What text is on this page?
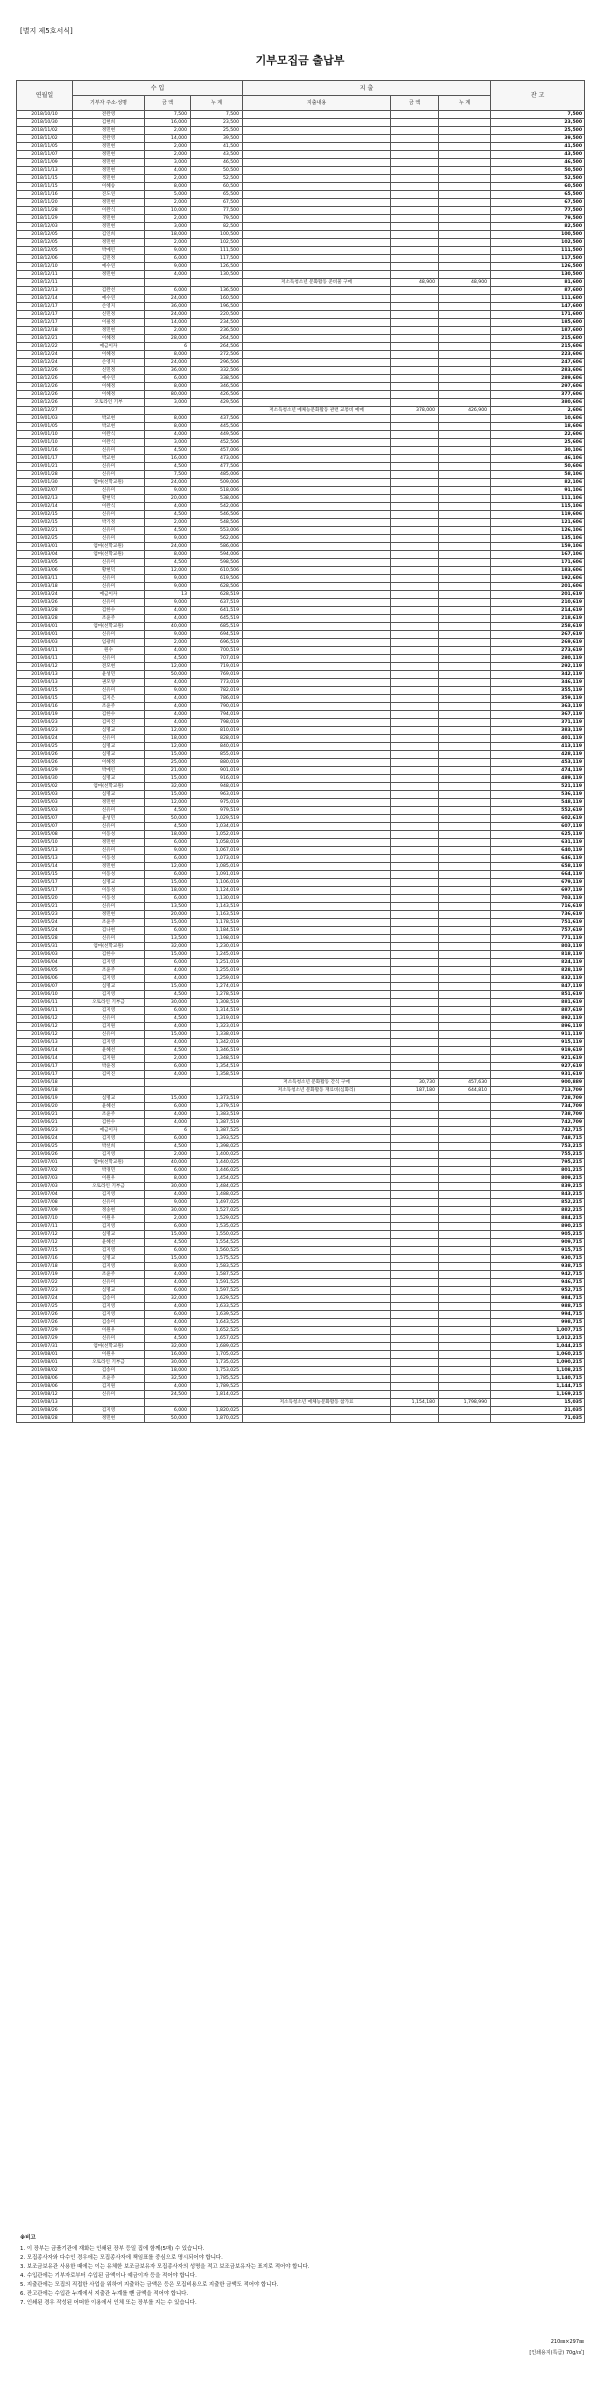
[별지 제5호서식]
기부모집금 출납부
연월일	수 입			지 출			잔 고
	기부자 주소·성명	금 액	누 계	지출내용	금 액	누 계	
2018/10/10	전완영	7,500	7,500				7,500
2018/10/30	김현희	16,000	23,500				23,500
2018/11/02	정민현	2,000	25,500				25,500
2018/11/02	전완영	14,000	39,500				39,500
2018/11/05	정민현	2,000	41,500				41,500
2018/11/07	정민현	2,000	43,500				43,500
2018/11/09	정민현	3,000	46,500				46,500
2018/11/13	정민현	4,000	50,500				50,500
2018/11/15	정민현	2,000	52,500				52,500
2018/11/15	이혜승	8,000	60,500				60,500
2018/11/16	진도연	5,000	65,500				65,500
2018/11/20	정민현	2,000	67,500				67,500
2018/11/28	이완식	10,000	77,500				77,500
2018/11/29	정민현	2,000	79,500				79,500
2018/12/03	정민현	3,000	82,500				82,500
2018/12/05	김인희	18,000	100,500				100,500
2018/12/05	정민현	2,000	102,500				102,500
2018/12/05	박예린	9,000	111,500				111,500
2018/12/06	김민정	6,000	117,500				117,500
2018/12/10	예수연	9,000	126,500				126,500
2018/12/11	정민현	4,000	130,500				130,500
2018/12/11				저소득청소년 문화활동 준비물 구매	48,900	48,900	81,600
2018/12/13	김완선	6,000	136,500				87,600
2018/12/14	예수연	24,000	160,500				111,600
2018/12/17	손영지	36,000	196,500				147,600
2018/12/17	신민정	24,000	220,500				171,600
2018/12/17	이필정	14,000	234,500				185,600
2018/12/18	정민현	2,000	236,500				187,600
2018/12/21	이혜정	28,000	264,500				215,600
2018/12/22	예금이자	6	264,506				215,606
2018/12/24	이혜정	8,000	272,506				223,606
2018/12/24	손영지	24,000	296,506				247,606
2018/12/26	신민정	36,000	332,506				283,606
2018/12/26	예수연	6,000	338,506				289,606
2018/12/26	이혜정	8,000	346,506				297,606
2018/12/26	이혜정	80,000	426,506				377,606
2018/12/26	오토라인 기부	3,000	429,506				380,606
2018/12/27				저소득청소년 예체능문화활동 관련 교통비 예매	378,000	426,900	2,606
2019/01/03	박교현	8,000	437,506				10,606
2019/01/05	박교현	8,000	445,506				18,606
2019/01/10	이완식	4,000	449,506				22,606
2019/01/10	이완식	3,000	452,506				25,606
2019/01/16	신유미	4,500	457,006				30,106
2019/01/17	박교현	16,000	473,006				46,106
2019/01/21	신유미	4,500	477,506				50,606
2019/01/28	신유미	7,500	485,006				58,106
2019/01/30	엄마(선학교원)	24,000	509,006				82,106
2019/02/07	신유미	9,000	518,006				91,106
2019/02/13	황현덕	20,000	538,006				111,106
2019/02/14	이완식	4,000	542,006				115,106
2019/02/15	신유미	4,500	546,506				119,606
2019/02/15	박기정	2,000	548,506				121,606
2019/02/21	신유미	4,500	553,006				126,106
2019/02/25	신유미	9,000	562,006				135,106
2019/03/01	엄마(선학교원)	24,000	586,006				159,106
2019/03/04	엄마(선학교원)	8,000	594,006				167,106
2019/03/05	신유미	4,500	598,506				171,606
2019/03/06	황현덕	12,000	610,506				183,606
2019/03/11	신유미	9,000	619,506				192,606
2019/03/18	신유미	9,000	628,506				201,606
2019/03/24	예금이자	13	628,519				201,619
2019/03/26	신유미	9,000	637,519				210,619
2019/03/28	김한수	4,000	641,519				214,619
2019/03/28	조윤주	4,000	645,519				218,619
2019/04/01	엄마(선학교원)	40,000	685,519				258,619
2019/04/01	신유미	9,000	694,519				267,619
2019/04/03	임광희	2,000	696,519				269,619
2019/04/11	원수	4,000	700,519				273,619
2019/04/11	신유미	4,500	707,019				280,119
2019/04/12	전모현	12,000	719,019				292,119
2019/04/13	윤성민	50,000	769,019				342,119
2019/04/13	권모양	4,000	773,019				346,119
2019/04/15	신유미	9,000	782,019				355,119
2019/04/15	김지은	4,000	786,019				359,119
2019/04/16	조윤주	4,000	790,019				363,119
2019/04/19	김한수	4,000	794,019				367,119
2019/04/23	김미진	4,000	798,019				371,119
2019/04/23	심명교	12,000	810,019				383,119
2019/04/24	신유미	18,000	828,019				401,119
2019/04/25	심명교	12,000	840,019				413,119
2019/04/26	심명교	15,000	855,019				428,119
2019/04/26	이혜정	25,000	880,019				453,119
2019/04/29	박예린	21,000	901,019				474,119
2019/04/30	심명교	15,000	916,019				489,119
2019/05/02	엄마(선학교원)	32,000	948,019				521,119
2019/05/03	심명교	15,000	963,019				536,119
2019/05/03	정민현	12,000	975,019				548,119
2019/05/03	신유미	4,500	979,519				552,619
2019/05/07	윤성민	50,000	1,029,519				602,619
2019/05/07	신유미	4,500	1,034,019				607,119
2019/05/08	이동성	18,000	1,052,019				625,119
2019/05/10	정민현	6,000	1,058,019				631,119
2019/05/13	신유미	9,000	1,067,019				640,119
2019/05/13	이동성	6,000	1,073,019				646,119
2019/05/14	정민현	12,000	1,085,019				658,119
2019/05/15	이동성	6,000	1,091,019				664,119
2019/05/17	심명교	15,000	1,106,019				679,119
2019/05/17	이동성	18,000	1,124,019				697,119
2019/05/20	이동성	6,000	1,130,019				703,119
2019/05/21	신유미	13,500	1,143,519				716,619
2019/05/23	정민현	20,000	1,163,519				736,619
2019/05/24	조윤주	15,000	1,178,519				751,619
2019/05/24	김나현	6,000	1,184,519				757,619
2019/05/28	신유미	13,500	1,198,019				771,119
2019/05/31	엄마(선학교원)	32,000	1,230,019				803,119
2019/06/03	김한수	15,000	1,245,019				818,119
2019/06/04	김지영	6,000	1,251,019				824,119
2019/06/05	조윤주	4,000	1,255,019				828,119
2019/06/06	김지영	4,000	1,259,019				832,119
2019/06/07	심명교	15,000	1,274,019				847,119
2019/06/10	김지영	4,500	1,278,519				851,619
2019/06/11	오토라인 기부금	30,000	1,308,519				881,619
2019/06/11	김지영	6,000	1,314,519				887,619
2019/06/12	신유미	4,500	1,319,019				892,119
2019/06/12	김지원	4,000	1,323,019				896,119
2019/06/12	신유미	15,000	1,338,019				911,119
2019/06/13	김지영	4,000	1,342,019				915,119
2019/06/14	윤혜선	4,500	1,346,519				919,619
2019/06/14	김지원	2,000	1,348,519				921,619
2019/06/17	박윤정	6,000	1,354,519				927,619
2019/06/17	김미진	4,000	1,358,519				931,619
2019/06/18				저소득청소년 문화활동 간식 구매	30,730	457,630	900,889
2019/06/18				저소득청소년 문화활동 재료비(심화리)	187,180	644,810	713,709
2019/06/19	심명교	15,000	1,373,519				728,709
2019/06/20	윤혜선	6,000	1,379,519				734,709
2019/06/21	조윤주	4,000	1,383,519				738,709
2019/06/21	김한수	4,000	1,387,519				742,709
2019/06/23	예금이자	6	1,387,525				742,715
2019/06/24	김지영	6,000	1,393,525				748,715
2019/06/25	박선희	4,500	1,398,025				753,215
2019/06/26	김지영	2,000	1,400,025				755,215
2019/07/01	엄마(선학교원)	40,000	1,440,025				795,215
2019/07/02	박경민	6,000	1,446,025				801,215
2019/07/03	이원우	8,000	1,454,025				809,215
2019/07/03	오토라인 기부금	30,000	1,484,025				839,215
2019/07/04	김지영	4,000	1,488,025				843,215
2019/07/08	신유미	9,000	1,497,025				852,215
2019/07/09	정숭현	30,000	1,527,025				882,215
2019/07/10	이원우	2,000	1,529,025				884,215
2019/07/11	김지영	6,000	1,535,025				890,215
2019/07/12	심명교	15,000	1,550,025				905,215
2019/07/12	윤혜선	4,500	1,554,525				909,715
2019/07/15	김지영	6,000	1,560,525				915,715
2019/07/16	심명교	15,000	1,575,525				930,715
2019/07/18	김지영	8,000	1,583,525				938,715
2019/07/19	조윤주	4,000	1,587,525				942,715
2019/07/22	신유미	4,000	1,591,525				946,715
2019/07/23	심명교	6,000	1,597,525				952,715
2019/07/24	김송미	32,000	1,629,525				984,715
2019/07/25	김지영	4,000	1,633,525				988,715
2019/07/26	김지영	6,000	1,639,525				994,715
2019/07/26	김송미	4,000	1,643,525				998,715
2019/07/29	이원우	9,000	1,652,525				1,007,715
2019/07/29	신유미	4,500	1,657,025				1,012,215
2019/07/31	엄마(선학교원)	32,000	1,689,025				1,044,215
2019/08/01	이원우	16,000	1,705,025				1,060,215
2019/08/01	오토라인 기부금	30,000	1,735,025				1,090,215
2019/08/02	김송미	18,000	1,753,025				1,108,215
2019/08/06	조윤주	32,500	1,785,525				1,140,715
2019/08/06	김지원	4,000	1,789,525				1,144,715
2019/08/12	신유미	24,500	1,814,025				1,169,215
2019/08/13				저소득청소년 예체능문화활동 참가료	1,154,180	1,798,990	15,035
2019/08/26	김지영	6,000	1,820,025				21,035
2019/08/28	정민현	50,000	1,870,025				71,035
※비고
1. 이 장부는 금품기관에 재화는 인쇄된 장부 등일 집에 함께(5매) 수 있습니다.
2. 모집종사자와 다수인 경우에는 모집종사자에 책임표를 중심으로 명시되어야 합니다.
3. 보조금보유관 사용한 때에는 이는 유체한 보조금보유자 모집종사자의 성명을 적고 보조금보유자는 표지로 적어야 합니다.
4. 수입관에는 기부자로부터 수입된 금액이나 예금이자 등을 적어야 합니다.
5. 지출관에는 모집의 직접한 사업을 위하여 지출하는 금액은 등은 모집비용으로 지출한 금액도 적어야 합니다.
6. 잔고관에는 수입관 누계에서 지출관 누계를 뺀 금액을 적어야 합니다.
7. 인쇄된 경우 작성된 어떠한 이용에서 인체 또는 장부를 지는 수 있습니다.
210㎜×297㎜
[인쇄용지(특급) 70g/㎡]
